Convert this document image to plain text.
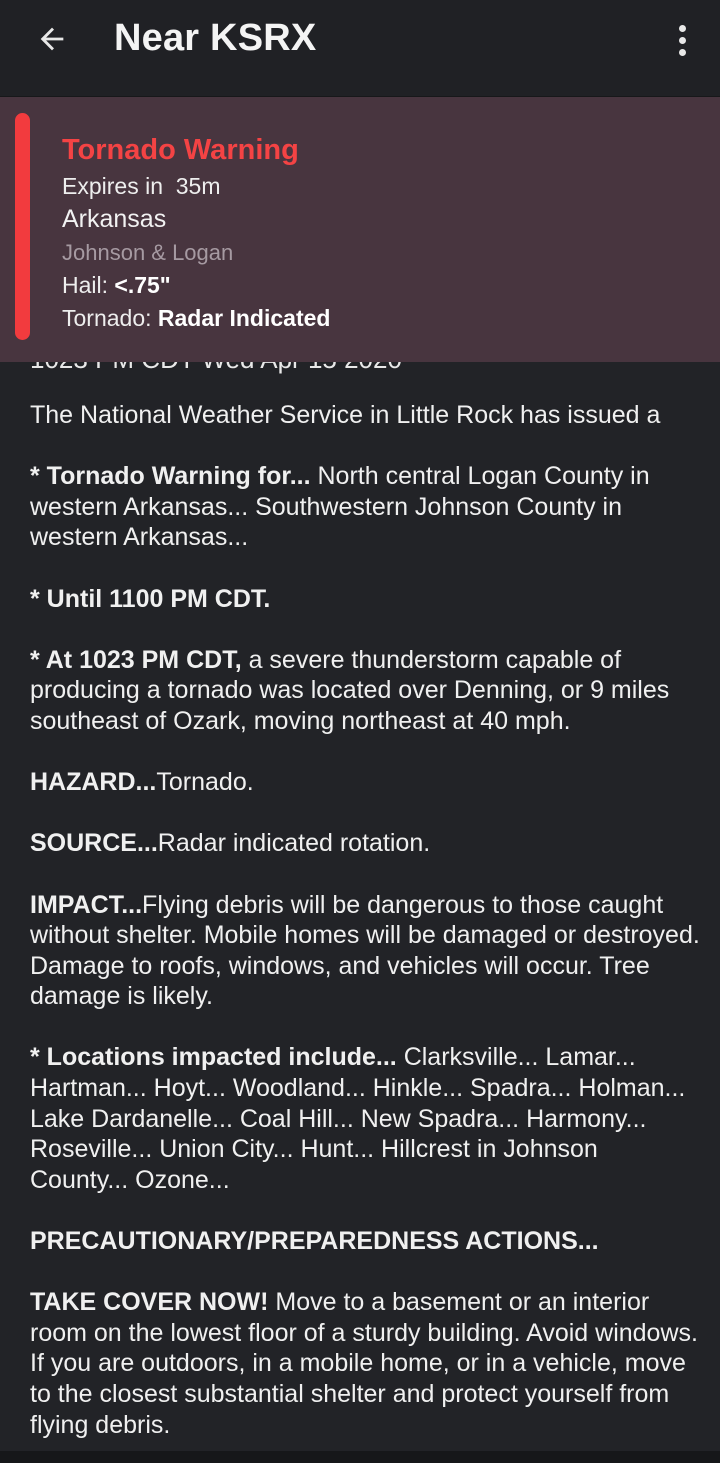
Near KSRX

The National Weather Service in Little Rock has issued a

* Tornado Warning for... North central Logan County in western Arkansas... Southwestern Johnson County in western Arkansas...

* Until 1100 PM CDT.

* At 1023 PM CDT, a severe thunderstorm capable of producing a tornado was located over Denning, or 9 miles southeast of Ozark, moving northeast at 40 mph.

HAZARD...Tornado.

SOURCE...Radar indicated rotation.

IMPACT...Flying debris will be dangerous to those caught without shelter. Mobile homes will be damaged or destroyed. Damage to roofs, windows, and vehicles will occur. Tree damage is likely.

* Locations impacted include... Clarksville... Lamar... Hartman... Hoyt... Woodland... Hinkle... Spadra... Holman... Lake Dardanelle... Coal Hill... New Spadra... Harmony... Roseville... Union City... Hunt... Hillcrest in Johnson County... Ozone...

PRECAUTIONARY/PREPAREDNESS ACTIONS...

TAKE COVER NOW! Move to a basement or an interior room on the lowest floor of a sturdy building. Avoid windows. If you are outdoors, in a mobile home, or in a vehicle, move to the closest substantial shelter and protect yourself from flying debris.

Tornado Warning
Expires in 35m
Arkansas
Johnson & Logan
Hail: <.75"
Tornado: Radar Indicated
